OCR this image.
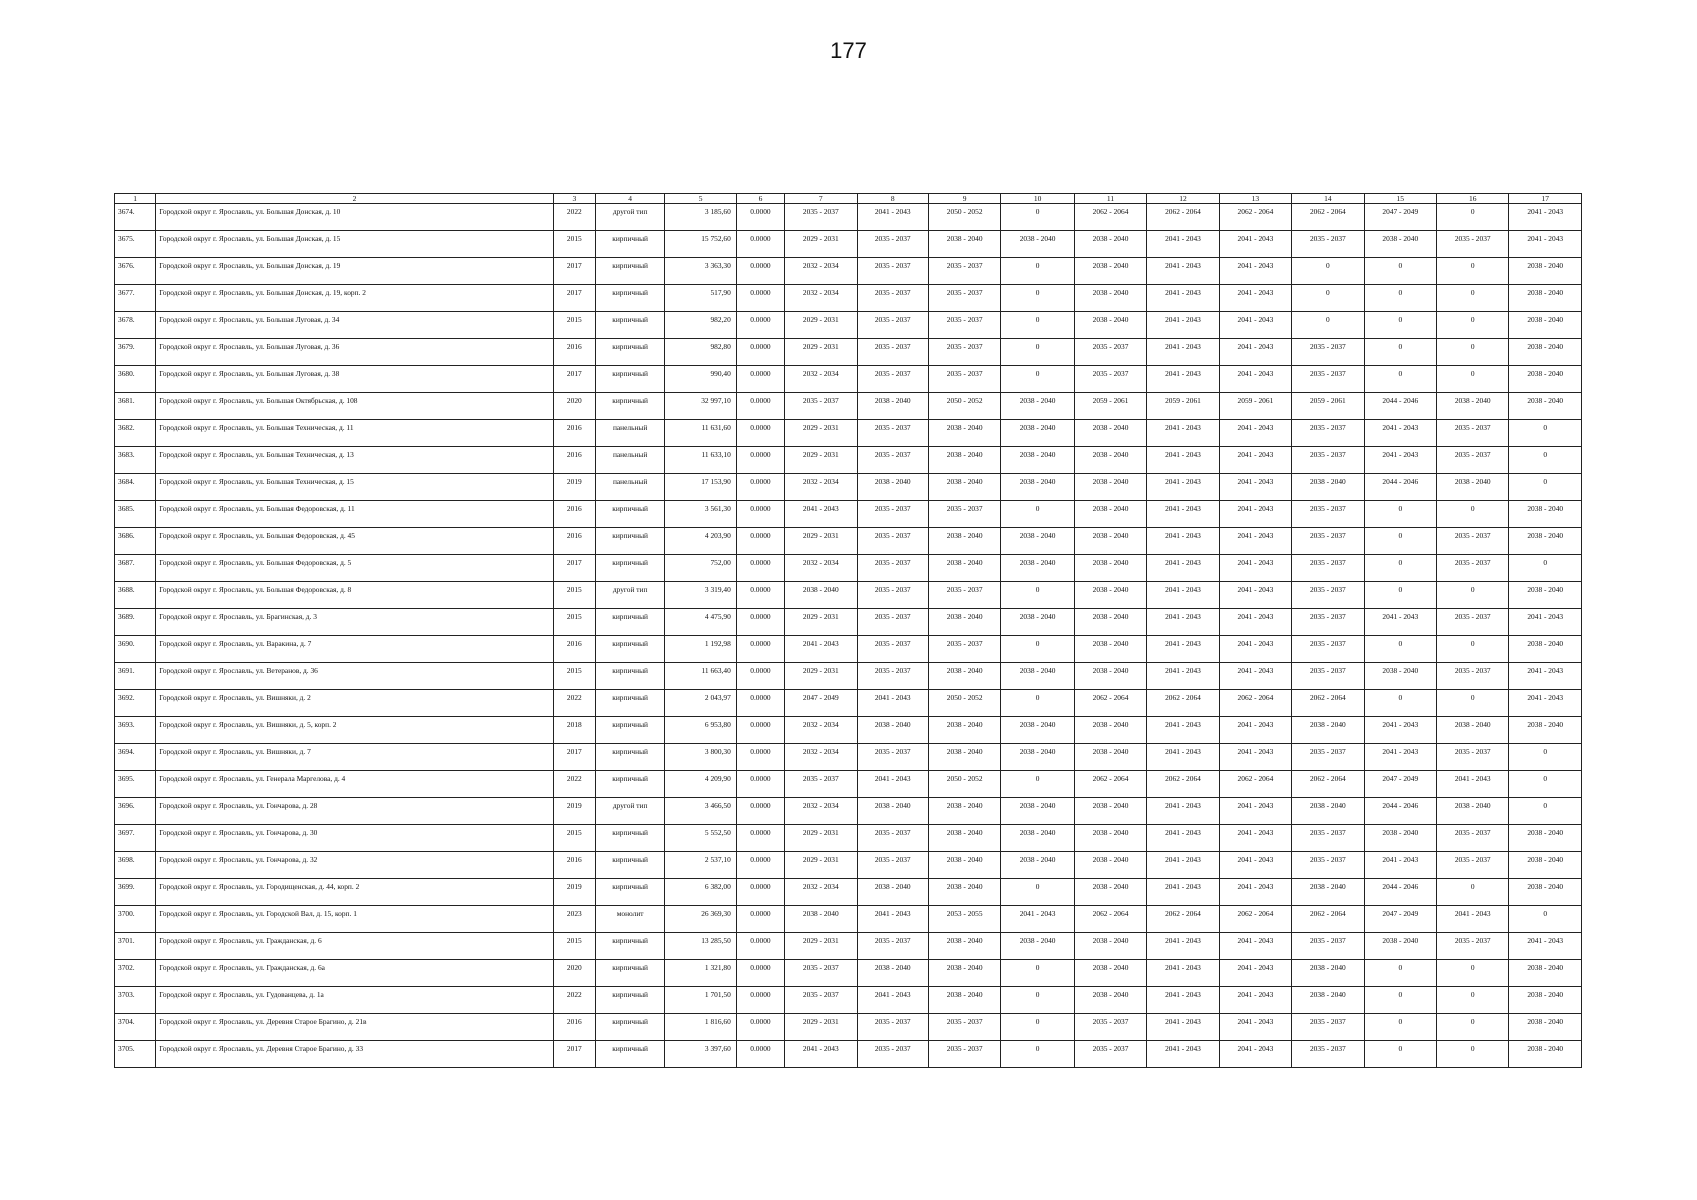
177
1	2	3	4	5	6	7	8	9	10	11	12	13	14	15	16	17
3674.	Городской округ г. Ярославль, ул. Большая Донская, д. 10	2022	другой тип	3 185,60	0.0000	2035 - 2037	2041 - 2043	2050 - 2052	0	2062 - 2064	2062 - 2064	2062 - 2064	2062 - 2064	2047 - 2049	0	2041 - 2043
3675.	Городской округ г. Ярославль, ул. Большая Донская, д. 15	2015	кирпичный	15 752,60	0.0000	2029 - 2031	2035 - 2037	2038 - 2040	2038 - 2040	2038 - 2040	2041 - 2043	2041 - 2043	2035 - 2037	2038 - 2040	2035 - 2037	2041 - 2043
3676.	Городской округ г. Ярославль, ул. Большая Донская, д. 19	2017	кирпичный	3 363,30	0.0000	2032 - 2034	2035 - 2037	2035 - 2037	0	2038 - 2040	2041 - 2043	2041 - 2043	0	0	0	2038 - 2040
3677.	Городской округ г. Ярославль, ул. Большая Донская, д. 19, корп. 2	2017	кирпичный	517,90	0.0000	2032 - 2034	2035 - 2037	2035 - 2037	0	2038 - 2040	2041 - 2043	2041 - 2043	0	0	0	2038 - 2040
3678.	Городской округ г. Ярославль, ул. Большая Луговая, д. 34	2015	кирпичный	982,20	0.0000	2029 - 2031	2035 - 2037	2035 - 2037	0	2038 - 2040	2041 - 2043	2041 - 2043	0	0	0	2038 - 2040
3679.	Городской округ г. Ярославль, ул. Большая Луговая, д. 36	2016	кирпичный	982,80	0.0000	2029 - 2031	2035 - 2037	2035 - 2037	0	2035 - 2037	2041 - 2043	2041 - 2043	2035 - 2037	0	0	2038 - 2040
3680.	Городской округ г. Ярославль, ул. Большая Луговая, д. 38	2017	кирпичный	990,40	0.0000	2032 - 2034	2035 - 2037	2035 - 2037	0	2035 - 2037	2041 - 2043	2041 - 2043	2035 - 2037	0	0	2038 - 2040
3681.	Городской округ г. Ярославль, ул. Большая Октябрьская, д. 108	2020	кирпичный	32 997,10	0.0000	2035 - 2037	2038 - 2040	2050 - 2052	2038 - 2040	2059 - 2061	2059 - 2061	2059 - 2061	2059 - 2061	2044 - 2046	2038 - 2040	2038 - 2040
3682.	Городской округ г. Ярославль, ул. Большая Техническая, д. 11	2016	панельный	11 631,60	0.0000	2029 - 2031	2035 - 2037	2038 - 2040	2038 - 2040	2038 - 2040	2041 - 2043	2041 - 2043	2035 - 2037	2041 - 2043	2035 - 2037	0
3683.	Городской округ г. Ярославль, ул. Большая Техническая, д. 13	2016	панельный	11 633,10	0.0000	2029 - 2031	2035 - 2037	2038 - 2040	2038 - 2040	2038 - 2040	2041 - 2043	2041 - 2043	2035 - 2037	2041 - 2043	2035 - 2037	0
3684.	Городской округ г. Ярославль, ул. Большая Техническая, д. 15	2019	панельный	17 153,90	0.0000	2032 - 2034	2038 - 2040	2038 - 2040	2038 - 2040	2038 - 2040	2041 - 2043	2041 - 2043	2038 - 2040	2044 - 2046	2038 - 2040	0
3685.	Городской округ г. Ярославль, ул. Большая Федоровская, д. 11	2016	кирпичный	3 561,30	0.0000	2041 - 2043	2035 - 2037	2035 - 2037	0	2038 - 2040	2041 - 2043	2041 - 2043	2035 - 2037	0	0	2038 - 2040
3686.	Городской округ г. Ярославль, ул. Большая Федоровская, д. 45	2016	кирпичный	4 203,90	0.0000	2029 - 2031	2035 - 2037	2038 - 2040	2038 - 2040	2038 - 2040	2041 - 2043	2041 - 2043	2035 - 2037	0	2035 - 2037	2038 - 2040
3687.	Городской округ г. Ярославль, ул. Большая Федоровская, д. 5	2017	кирпичный	752,00	0.0000	2032 - 2034	2035 - 2037	2038 - 2040	2038 - 2040	2038 - 2040	2041 - 2043	2041 - 2043	2035 - 2037	0	2035 - 2037	0
3688.	Городской округ г. Ярославль, ул. Большая Федоровская, д. 8	2015	другой тип	3 319,40	0.0000	2038 - 2040	2035 - 2037	2035 - 2037	0	2038 - 2040	2041 - 2043	2041 - 2043	2035 - 2037	0	0	2038 - 2040
3689.	Городской округ г. Ярославль, ул. Брагинская, д. 3	2015	кирпичный	4 475,90	0.0000	2029 - 2031	2035 - 2037	2038 - 2040	2038 - 2040	2038 - 2040	2041 - 2043	2041 - 2043	2035 - 2037	2041 - 2043	2035 - 2037	2041 - 2043
3690.	Городской округ г. Ярославль, ул. Варакина, д. 7	2016	кирпичный	1 192,98	0.0000	2041 - 2043	2035 - 2037	2035 - 2037	0	2038 - 2040	2041 - 2043	2041 - 2043	2035 - 2037	0	0	2038 - 2040
3691.	Городской округ г. Ярославль, ул. Ветеранов, д. 36	2015	кирпичный	11 663,40	0.0000	2029 - 2031	2035 - 2037	2038 - 2040	2038 - 2040	2038 - 2040	2041 - 2043	2041 - 2043	2035 - 2037	2038 - 2040	2035 - 2037	2041 - 2043
3692.	Городской округ г. Ярославль, ул. Вишняки, д. 2	2022	кирпичный	2 043,97	0.0000	2047 - 2049	2041 - 2043	2050 - 2052	0	2062 - 2064	2062 - 2064	2062 - 2064	2062 - 2064	0	0	2041 - 2043
3693.	Городской округ г. Ярославль, ул. Вишняки, д. 5, корп. 2	2018	кирпичный	6 953,80	0.0000	2032 - 2034	2038 - 2040	2038 - 2040	2038 - 2040	2038 - 2040	2041 - 2043	2041 - 2043	2038 - 2040	2041 - 2043	2038 - 2040	2038 - 2040
3694.	Городской округ г. Ярославль, ул. Вишняки, д. 7	2017	кирпичный	3 800,30	0.0000	2032 - 2034	2035 - 2037	2038 - 2040	2038 - 2040	2038 - 2040	2041 - 2043	2041 - 2043	2035 - 2037	2041 - 2043	2035 - 2037	0
3695.	Городской округ г. Ярославль, ул. Генерала Маргелова, д. 4	2022	кирпичный	4 209,90	0.0000	2035 - 2037	2041 - 2043	2050 - 2052	0	2062 - 2064	2062 - 2064	2062 - 2064	2062 - 2064	2047 - 2049	2041 - 2043	0
3696.	Городской округ г. Ярославль, ул. Гончарова, д. 28	2019	другой тип	3 466,50	0.0000	2032 - 2034	2038 - 2040	2038 - 2040	2038 - 2040	2038 - 2040	2041 - 2043	2041 - 2043	2038 - 2040	2044 - 2046	2038 - 2040	0
3697.	Городской округ г. Ярославль, ул. Гончарова, д. 30	2015	кирпичный	5 552,50	0.0000	2029 - 2031	2035 - 2037	2038 - 2040	2038 - 2040	2038 - 2040	2041 - 2043	2041 - 2043	2035 - 2037	2038 - 2040	2035 - 2037	2038 - 2040
3698.	Городской округ г. Ярославль, ул. Гончарова, д. 32	2016	кирпичный	2 537,10	0.0000	2029 - 2031	2035 - 2037	2038 - 2040	2038 - 2040	2038 - 2040	2041 - 2043	2041 - 2043	2035 - 2037	2041 - 2043	2035 - 2037	2038 - 2040
3699.	Городской округ г. Ярославль, ул. Городищенская, д. 44, корп. 2	2019	кирпичный	6 382,00	0.0000	2032 - 2034	2038 - 2040	2038 - 2040	0	2038 - 2040	2041 - 2043	2041 - 2043	2038 - 2040	2044 - 2046	0	2038 - 2040
3700.	Городской округ г. Ярославль, ул. Городской Вал, д. 15, корп. 1	2023	монолит	26 369,30	0.0000	2038 - 2040	2041 - 2043	2053 - 2055	2041 - 2043	2062 - 2064	2062 - 2064	2062 - 2064	2062 - 2064	2047 - 2049	2041 - 2043	0
3701.	Городской округ г. Ярославль, ул. Гражданская, д. 6	2015	кирпичный	13 285,50	0.0000	2029 - 2031	2035 - 2037	2038 - 2040	2038 - 2040	2038 - 2040	2041 - 2043	2041 - 2043	2035 - 2037	2038 - 2040	2035 - 2037	2041 - 2043
3702.	Городской округ г. Ярославль, ул. Гражданская, д. 6а	2020	кирпичный	1 321,80	0.0000	2035 - 2037	2038 - 2040	2038 - 2040	0	2038 - 2040	2041 - 2043	2041 - 2043	2038 - 2040	0	0	2038 - 2040
3703.	Городской округ г. Ярославль, ул. Гудованцева, д. 1а	2022	кирпичный	1 701,50	0.0000	2035 - 2037	2041 - 2043	2038 - 2040	0	2038 - 2040	2041 - 2043	2041 - 2043	2038 - 2040	0	0	2038 - 2040
3704.	Городской округ г. Ярославль, ул. Деревня Старое Брагино, д. 21в	2016	кирпичный	1 816,60	0.0000	2029 - 2031	2035 - 2037	2035 - 2037	0	2035 - 2037	2041 - 2043	2041 - 2043	2035 - 2037	0	0	2038 - 2040
3705.	Городской округ г. Ярославль, ул. Деревня Старое Брагино, д. 33	2017	кирпичный	3 397,60	0.0000	2041 - 2043	2035 - 2037	2035 - 2037	0	2035 - 2037	2041 - 2043	2041 - 2043	2035 - 2037	0	0	2038 - 2040
